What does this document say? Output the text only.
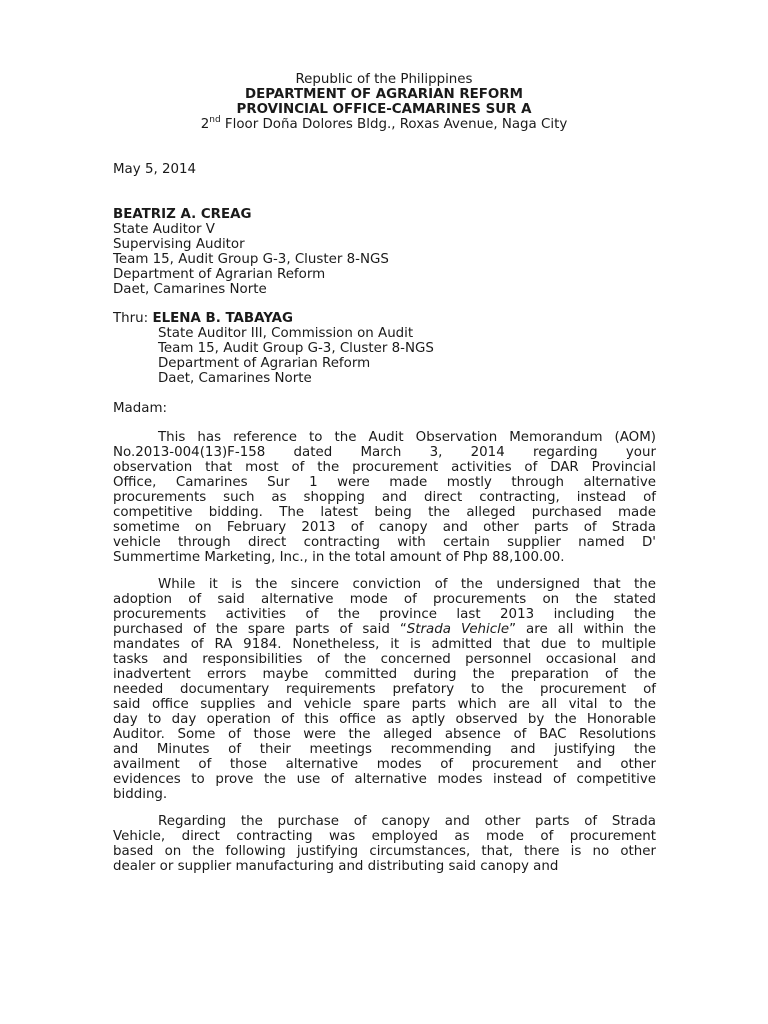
Republic of the Philippines
DEPARTMENT OF AGRARIAN REFORM
PROVINCIAL OFFICE-CAMARINES SUR A
2nd Floor Doña Dolores Bldg., Roxas Avenue, Naga City
May 5, 2014
BEATRIZ A. CREAG
State Auditor V
Supervising Auditor
Team 15, Audit Group G-3, Cluster 8-NGS
Department of Agrarian Reform
Daet, Camarines Norte
Thru: ELENA B. TABAYAG
State Auditor III, Commission on Audit
Team 15, Audit Group G-3, Cluster 8-NGS
Department of Agrarian Reform
Daet, Camarines Norte
Madam:
This has reference to the Audit Observation Memorandum (AOM)
No.2013-004(13)F-158 dated March 3, 2014 regarding your
observation that most of the procurement activities of DAR Provincial
Office, Camarines Sur 1 were made mostly through alternative
procurements such as shopping and direct contracting, instead of
competitive bidding. The latest being the alleged purchased made
sometime on February 2013 of canopy and other parts of Strada
vehicle through direct contracting with certain supplier named D'
Summertime Marketing, Inc., in the total amount of Php 88,100.00.
While it is the sincere conviction of the undersigned that the
adoption of said alternative mode of procurements on the stated
procurements activities of the province last 2013 including the
purchased of the spare parts of said “Strada Vehicle” are all within the
mandates of RA 9184. Nonetheless, it is admitted that due to multiple
tasks and responsibilities of the concerned personnel occasional and
inadvertent errors maybe committed during the preparation of the
needed documentary requirements prefatory to the procurement of
said office supplies and vehicle spare parts which are all vital to the
day to day operation of this office as aptly observed by the Honorable
Auditor. Some of those were the alleged absence of BAC Resolutions
and Minutes of their meetings recommending and justifying the
availment of those alternative modes of procurement and other
evidences to prove the use of alternative modes instead of competitive
bidding.
Regarding the purchase of canopy and other parts of Strada
Vehicle, direct contracting was employed as mode of procurement
based on the following justifying circumstances, that, there is no other
dealer or supplier manufacturing and distributing said canopy and
